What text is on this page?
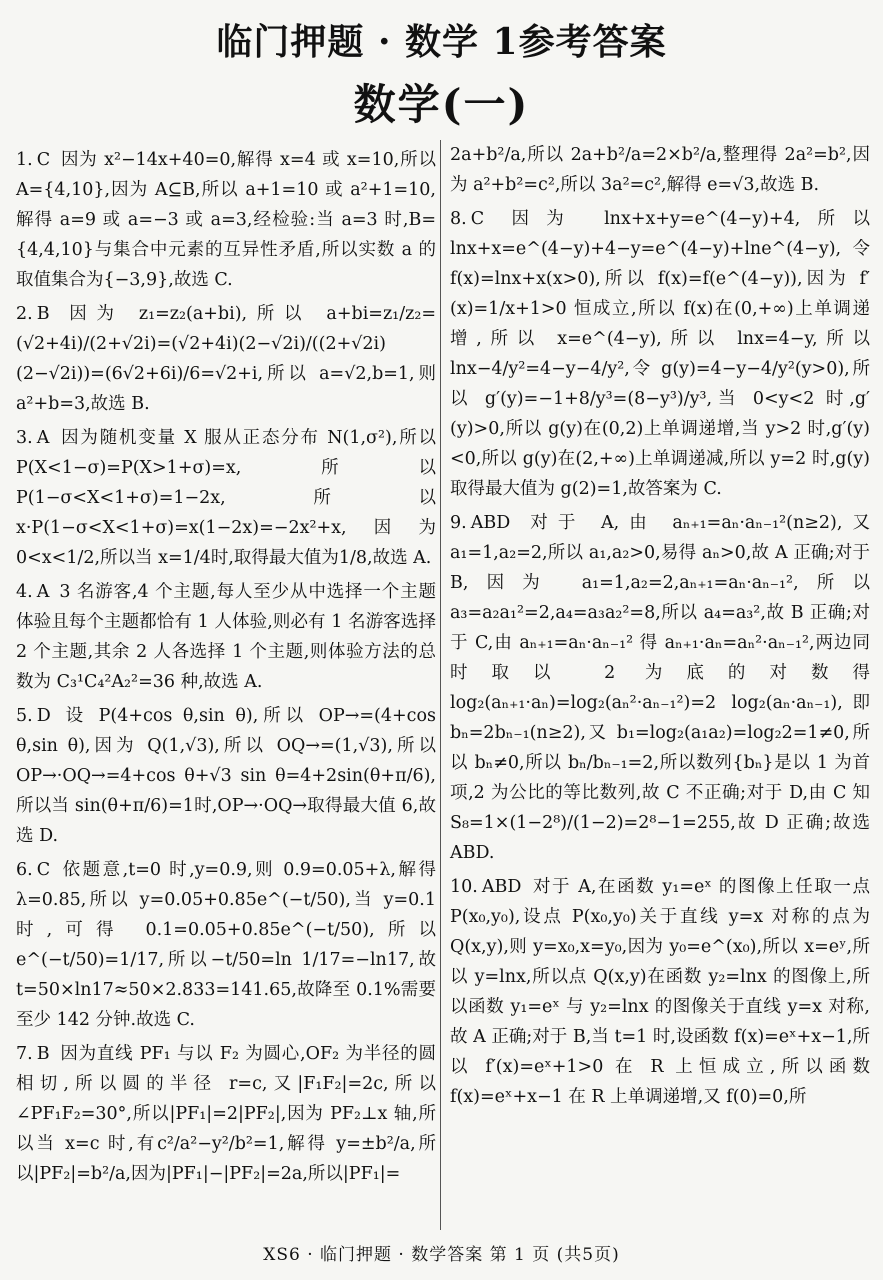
临门押题 · 数学 1参考答案
数学(一)
1. C 因为 x²−14x+40=0,解得 x=4 或 x=10,所以 A={4,10},因为 A⊆B,所以 a+1=10 或 a²+1=10,解得 a=9 或 a=−3 或 a=3,经检验:当 a=3 时,B={4,4,10}与集合中元素的互异性矛盾,所以实数 a 的取值集合为{−3,9},故选 C.
2. B 因为 z₁=z₂(a+bi),所以 a+bi=z₁/z₂=(√2+4i)/(2+√2i)=(√2+4i)(2−√2i)/((2+√2i)(2−√2i))=(6√2+6i)/6=√2+i,所以 a=√2,b=1,则 a²+b=3,故选 B.
3. A 因为随机变量 X 服从正态分布 N(1,σ²),所以 P(X<1−σ)=P(X>1+σ)=x,所以 P(1−σ<X<1+σ)=1−2x,所以 x·P(1−σ<X<1+σ)=x(1−2x)=−2x²+x,因为 0<x<1/2,所以当 x=1/4时,取得最大值为1/8,故选 A.
4. A 3 名游客,4 个主题,每人至少从中选择一个主题体验且每个主题都恰有 1 人体验,则必有 1 名游客选择 2 个主题,其余 2 人各选择 1 个主题,则体验方法的总数为 C₃¹C₄²A₂²=36 种,故选 A.
5. D 设 P(4+cos θ,sin θ),所以 OP→=(4+cos θ,sin θ),因为 Q(1,√3),所以 OQ→=(1,√3),所以 OP→·OQ→=4+cos θ+√3 sin θ=4+2sin(θ+π/6),所以当 sin(θ+π/6)=1时,OP→·OQ→取得最大值 6,故选 D.
6. C 依题意,t=0 时,y=0.9,则 0.9=0.05+λ,解得 λ=0.85,所以 y=0.05+0.85e^(−t/50),当 y=0.1 时,可得 0.1=0.05+0.85e^(−t/50),所以 e^(−t/50)=1/17,所以−t/50=ln 1/17=−ln17,故 t=50×ln17≈50×2.833=141.65,故降至 0.1%需要至少 142 分钟.故选 C.
7. B 因为直线 PF₁ 与以 F₂ 为圆心,OF₂ 为半径的圆相切,所以圆的半径 r=c,又|F₁F₂|=2c,所以∠PF₁F₂=30°,所以|PF₁|=2|PF₂|,因为 PF₂⊥x 轴,所以当 x=c 时,有c²/a²−y²/b²=1,解得 y=±b²/a,所以|PF₂|=b²/a,因为|PF₁|−|PF₂|=2a,所以|PF₁|=
2a+b²/a,所以 2a+b²/a=2×b²/a,整理得 2a²=b²,因为 a²+b²=c²,所以 3a²=c²,解得 e=√3,故选 B.
8. C 因为 lnx+x+y=e^(4−y)+4,所以 lnx+x=e^(4−y)+4−y=e^(4−y)+lne^(4−y),令 f(x)=lnx+x(x>0),所以 f(x)=f(e^(4−y)),因为 f′(x)=1/x+1>0 恒成立,所以 f(x)在(0,+∞)上单调递增,所以 x=e^(4−y),所以 lnx=4−y,所以 lnx−4/y²=4−y−4/y²,令 g(y)=4−y−4/y²(y>0),所以 g′(y)=−1+8/y³=(8−y³)/y³,当 0<y<2 时,g′(y)>0,所以 g(y)在(0,2)上单调递增,当 y>2 时,g′(y)<0,所以 g(y)在(2,+∞)上单调递减,所以 y=2 时,g(y)取得最大值为 g(2)=1,故答案为 C.
9. ABD 对于 A,由 aₙ₊₁=aₙ·aₙ₋₁²(n≥2),又 a₁=1,a₂=2,所以 a₁,a₂>0,易得 aₙ>0,故 A 正确;对于 B,因为 a₁=1,a₂=2,aₙ₊₁=aₙ·aₙ₋₁²,所以 a₃=a₂a₁²=2,a₄=a₃a₂²=8,所以 a₄=a₃²,故 B 正确;对于 C,由 aₙ₊₁=aₙ·aₙ₋₁² 得 aₙ₊₁·aₙ=aₙ²·aₙ₋₁²,两边同时取以 2 为底的对数得 log₂(aₙ₊₁·aₙ)=log₂(aₙ²·aₙ₋₁²)=2 log₂(aₙ·aₙ₋₁),即 bₙ=2bₙ₋₁(n≥2),又 b₁=log₂(a₁a₂)=log₂2=1≠0,所以 bₙ≠0,所以 bₙ/bₙ₋₁=2,所以数列{bₙ}是以 1 为首项,2 为公比的等比数列,故 C 不正确;对于 D,由 C 知 S₈=1×(1−2⁸)/(1−2)=2⁸−1=255,故 D 正确;故选 ABD.
10. ABD 对于 A,在函数 y₁=eˣ 的图像上任取一点 P(x₀,y₀),设点 P(x₀,y₀)关于直线 y=x 对称的点为 Q(x,y),则 y=x₀,x=y₀,因为 y₀=e^(x₀),所以 x=eʸ,所以 y=lnx,所以点 Q(x,y)在函数 y₂=lnx 的图像上,所以函数 y₁=eˣ 与 y₂=lnx 的图像关于直线 y=x 对称,故 A 正确;对于 B,当 t=1 时,设函数 f(x)=eˣ+x−1,所以 f′(x)=eˣ+1>0 在 R 上恒成立,所以函数 f(x)=eˣ+x−1 在 R 上单调递增,又 f(0)=0,所
XS6 · 临门押题 · 数学答案 第 1 页 (共5页)
